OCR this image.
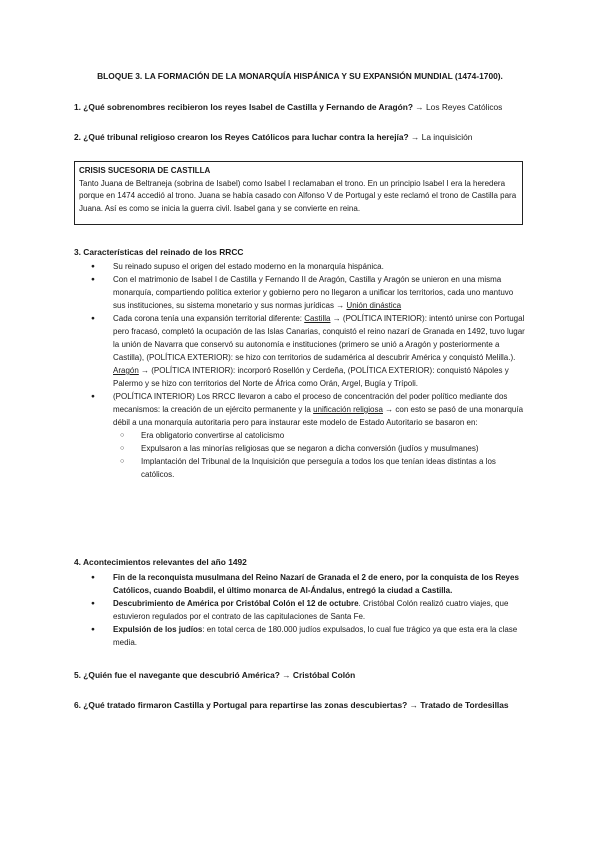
BLOQUE 3. LA FORMACIÓN DE LA MONARQUÍA HISPÁNICA Y SU EXPANSIÓN MUNDIAL (1474-1700).
1. ¿Qué sobrenombres recibieron los reyes Isabel de Castilla y Fernando de Aragón? → Los Reyes Católicos
2. ¿Qué tribunal religioso crearon los Reyes Católicos para luchar contra la herejía? → La inquisición
CRISIS SUCESORIA DE CASTILLA
Tanto Juana de Beltraneja (sobrina de Isabel) como Isabel I reclamaban el trono. En un principio Isabel I era la heredera porque en 1474 accedió al trono. Juana se había casado con Alfonso V de Portugal y este reclamó el trono de Castilla para Juana. Así es como se inicia la guerra civil. Isabel gana y se convierte en reina.
3. Características del reinado de los RRCC
● Su reinado supuso el origen del estado moderno en la monarquía hispánica.
● Con el matrimonio de Isabel I de Castilla y Fernando II de Aragón, Castilla y Aragón se unieron en una misma monarquía, compartiendo política exterior y gobierno pero no llegaron a unificar los territorios, cada uno mantuvo sus instituciones, su sistema monetario y sus normas jurídicas → Unión dinástica
● Cada corona tenía una expansión territorial diferente: Castilla → (POLÍTICA INTERIOR): intentó unirse con Portugal pero fracasó, completó la ocupación de las Islas Canarias, conquistó el reino nazarí de Granada en 1492, tuvo lugar la unión de Navarra que conservó su autonomía e instituciones (primero se unió a Aragón y posteriormente a Castilla), (POLÍTICA EXTERIOR): se hizo con territorios de sudamérica al descubrir América y conquistó Melilla.). Aragón → (POLÍTICA INTERIOR): incorporó Rosellón y Cerdeña, (POLÍTICA EXTERIOR): conquistó Nápoles y Palermo y se hizo con territorios del Norte de África como Orán, Argel, Bugía y Trípoli.
● (POLÍTICA INTERIOR) Los RRCC llevaron a cabo el proceso de concentración del poder político mediante dos mecanismos: la creación de un ejército permanente y la unificación religiosa → con esto se pasó de una monarquía débil a una monarquía autoritaria pero para instaurar este modelo de Estado Autoritario se basaron en:
○ Era obligatorio convertirse al catolicismo
○ Expulsaron a las minorías religiosas que se negaron a dicha conversión (judíos y musulmanes)
○ Implantación del Tribunal de la Inquisición que perseguía a todos los que tenían ideas distintas a los católicos.
4. Acontecimientos relevantes del año 1492
● Fin de la reconquista musulmana del Reino Nazarí de Granada el 2 de enero, por la conquista de los Reyes Católicos, cuando Boabdil, el último monarca de Al-Ándalus, entregó la ciudad a Castilla.
● Descubrimiento de América por Cristóbal Colón el 12 de octubre. Cristóbal Colón realizó cuatro viajes, que estuvieron regulados por el contrato de las capitulaciones de Santa Fe.
● Expulsión de los judíos: en total cerca de 180.000 judíos expulsados, lo cual fue trágico ya que esta era la clase media.
5. ¿Quién fue el navegante que descubrió América? → Cristóbal Colón
6. ¿Qué tratado firmaron Castilla y Portugal para repartirse las zonas descubiertas? → Tratado de Tordesillas
